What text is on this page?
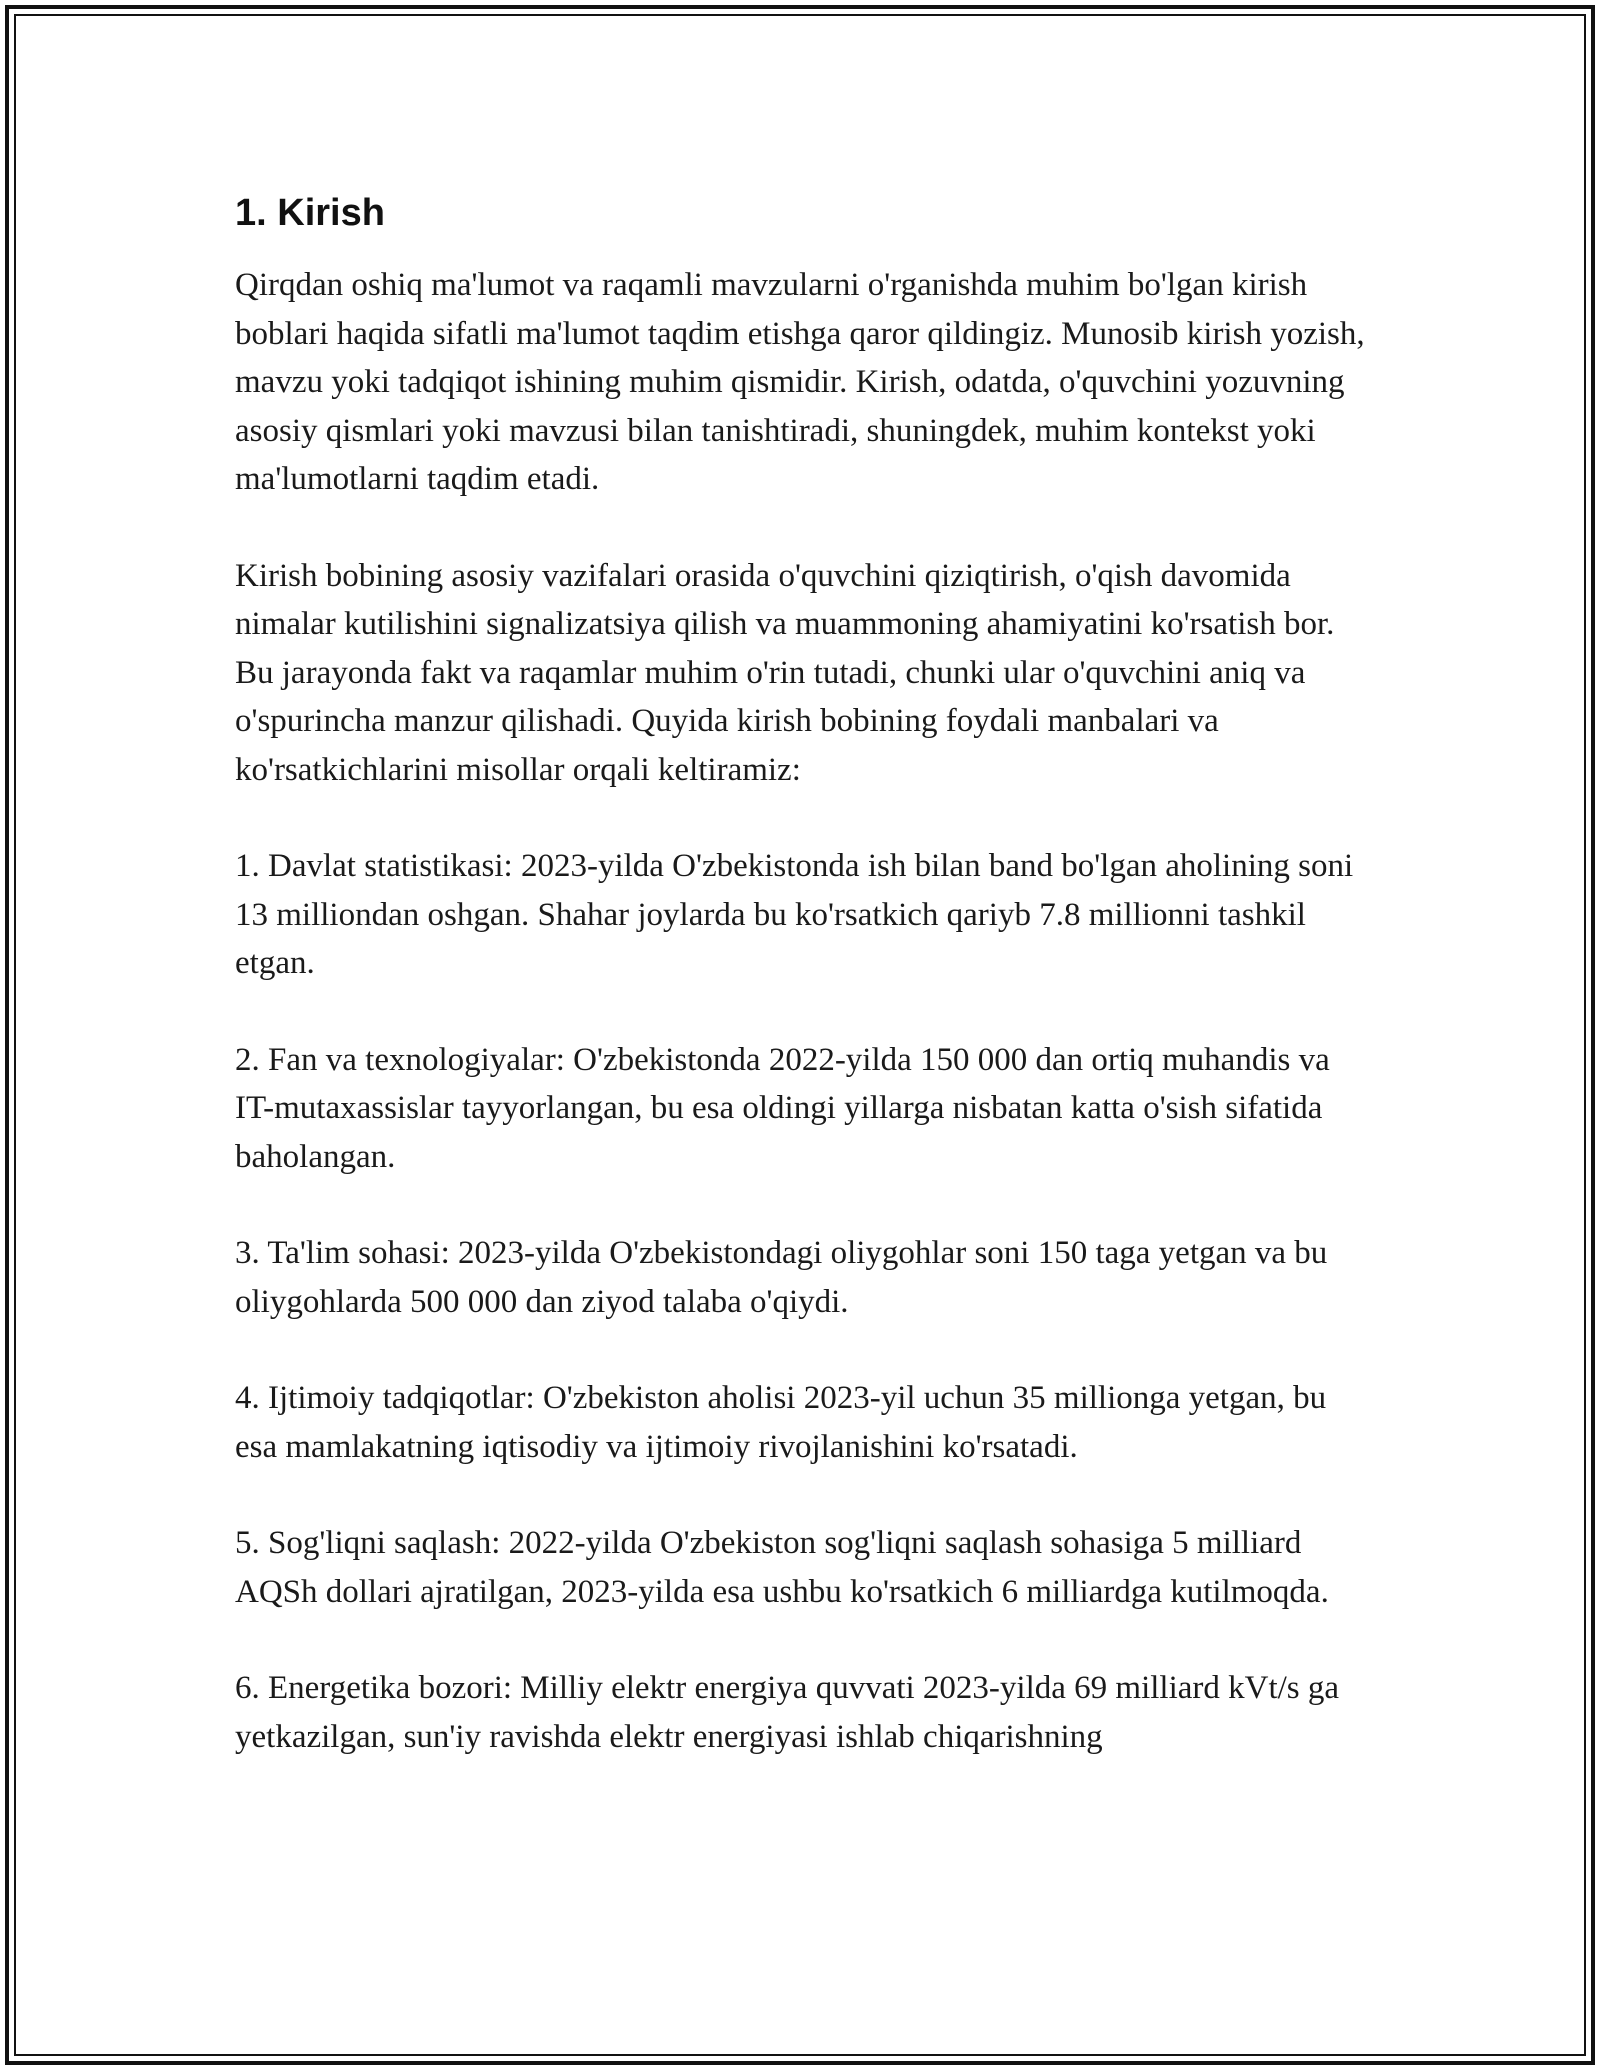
1. Kirish

Qirqdan oshiq ma'lumot va raqamli mavzularni o'rganishda muhim bo'lgan kirish boblari haqida sifatli ma'lumot taqdim etishga qaror qildingiz. Munosib kirish yozish, mavzu yoki tadqiqot ishining muhim qismidir. Kirish, odatda, o'quvchini yozuvning asosiy qismlari yoki mavzusi bilan tanishtiradi, shuningdek, muhim kontekst yoki ma'lumotlarni taqdim etadi.

Kirish bobining asosiy vazifalari orasida o'quvchini qiziqtirish, o'qish davomida nimalar kutilishini signalizatsiya qilish va muammoning ahamiyatini ko'rsatish bor. Bu jarayonda fakt va raqamlar muhim o'rin tutadi, chunki ular o'quvchini aniq va o'spurincha manzur qilishadi. Quyida kirish bobining foydali manbalari va ko'rsatkichlarini misollar orqali keltiramiz:

1. Davlat statistikasi: 2023-yilda O'zbekistonda ish bilan band bo'lgan aholining soni 13 milliondan oshgan. Shahar joylarda bu ko'rsatkich qariyb 7.8 millionni tashkil etgan.

2. Fan va texnologiyalar: O'zbekistonda 2022-yilda 150 000 dan ortiq muhandis va IT-mutaxassislar tayyorlangan, bu esa oldingi yillarga nisbatan katta o'sish sifatida baholangan.

3. Ta'lim sohasi: 2023-yilda O'zbekistondagi oliygohlar soni 150 taga yetgan va bu oliygohlarda 500 000 dan ziyod talaba o'qiydi.

4. Ijtimoiy tadqiqotlar: O'zbekiston aholisi 2023-yil uchun 35 millionga yetgan, bu esa mamlakatning iqtisodiy va ijtimoiy rivojlanishini ko'rsatadi.

5. Sog'liqni saqlash: 2022-yilda O'zbekiston sog'liqni saqlash sohasiga 5 milliard AQSh dollari ajratilgan, 2023-yilda esa ushbu ko'rsatkich 6 milliardga kutilmoqda.

6. Energetika bozori: Milliy elektr energiya quvvati 2023-yilda 69 milliard kVt/s ga yetkazilgan, sun'iy ravishda elektr energiyasi ishlab chiqarishning
